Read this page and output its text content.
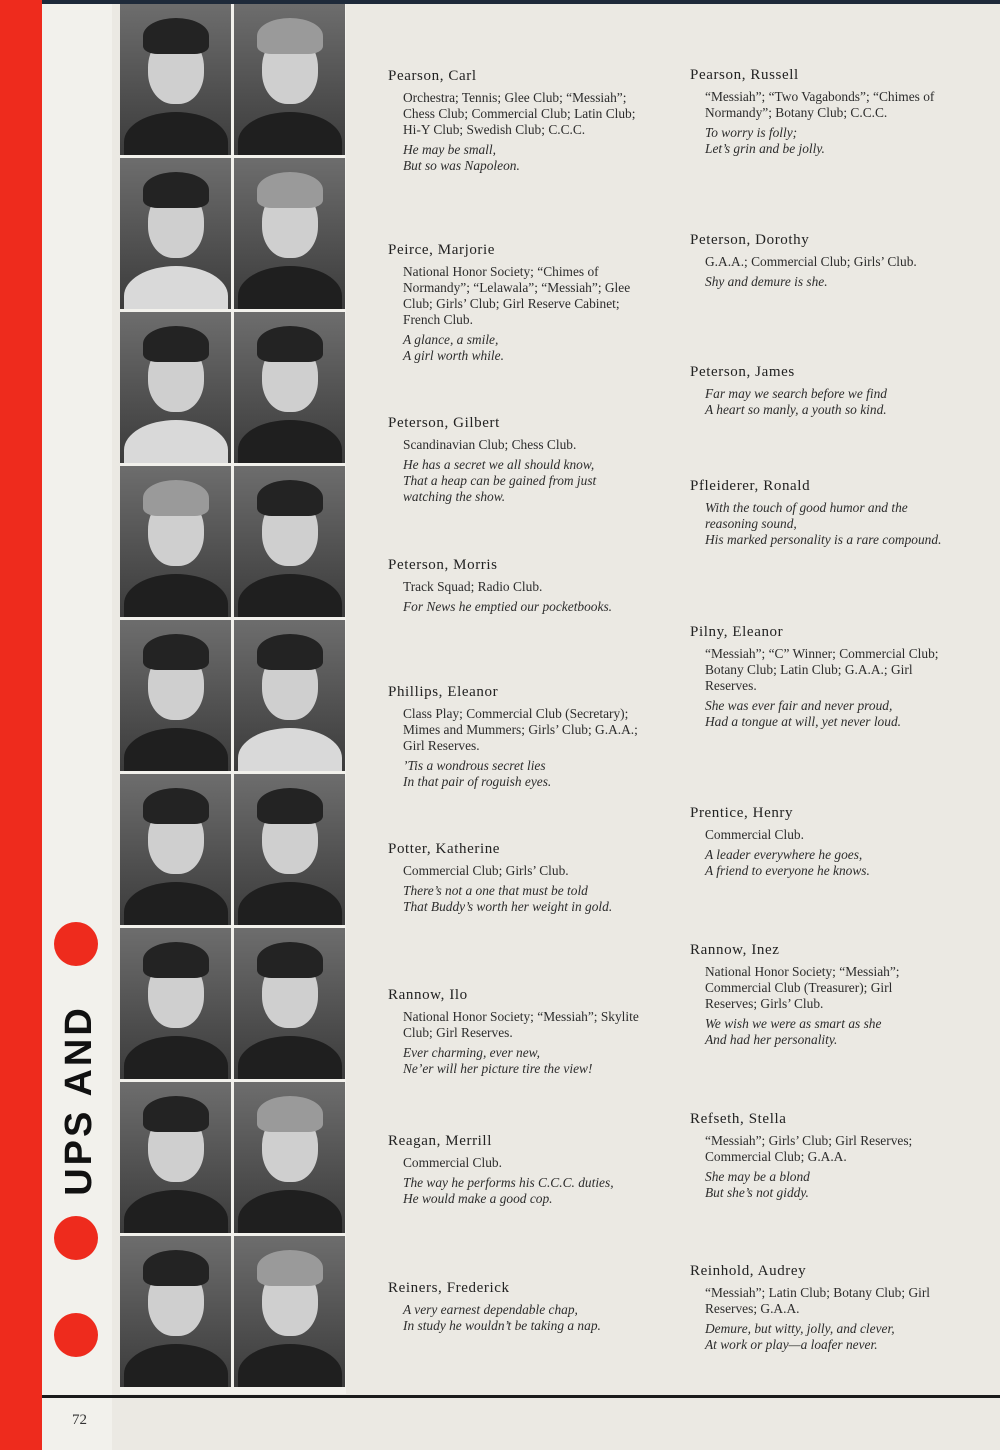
UPS AND
Pearson, Carl
Orchestra; Tennis; Glee Club; “Messiah”; Chess Club; Commercial Club; Latin Club; Hi-Y Club; Swedish Club; C.C.C.
He may be small,
But so was Napoleon.
Peirce, Marjorie
National Honor Society; “Chimes of Normandy”; “Lelawala”; “Messiah”; Glee Club; Girls’ Club; Girl Reserve Cabinet; French Club.
A glance, a smile,
A girl worth while.
Peterson, Gilbert
Scandinavian Club; Chess Club.
He has a secret we all should know,
That a heap can be gained from just watching the show.
Peterson, Morris
Track Squad; Radio Club.
For News he emptied our pocketbooks.
Phillips, Eleanor
Class Play; Commercial Club (Secretary); Mimes and Mummers; Girls’ Club; G.A.A.; Girl Reserves.
’Tis a wondrous secret lies
In that pair of roguish eyes.
Potter, Katherine
Commercial Club; Girls’ Club.
There’s not a one that must be told
That Buddy’s worth her weight in gold.
Rannow, Ilo
National Honor Society; “Messiah”; Skylite Club; Girl Reserves.
Ever charming, ever new,
Ne’er will her picture tire the view!
Reagan, Merrill
Commercial Club.
The way he performs his C.C.C. duties,
He would make a good cop.
Reiners, Frederick
A very earnest dependable chap,
In study he wouldn’t be taking a nap.
Pearson, Russell
“Messiah”; “Two Vagabonds”; “Chimes of Normandy”; Botany Club; C.C.C.
To worry is folly;
Let’s grin and be jolly.
Peterson, Dorothy
G.A.A.; Commercial Club; Girls’ Club.
Shy and demure is she.
Peterson, James
Far may we search before we find
A heart so manly, a youth so kind.
Pfleiderer, Ronald
With the touch of good humor and the reasoning sound,
His marked personality is a rare compound.
Pilny, Eleanor
“Messiah”; “C” Winner; Commercial Club; Botany Club; Latin Club; G.A.A.; Girl Reserves.
She was ever fair and never proud,
Had a tongue at will, yet never loud.
Prentice, Henry
Commercial Club.
A leader everywhere he goes,
A friend to everyone he knows.
Rannow, Inez
National Honor Society; “Messiah”; Commercial Club (Treasurer); Girl Reserves; Girls’ Club.
We wish we were as smart as she
And had her personality.
Refseth, Stella
“Messiah”; Girls’ Club; Girl Reserves; Commercial Club; G.A.A.
She may be a blond
But she’s not giddy.
Reinhold, Audrey
“Messiah”; Latin Club; Botany Club; Girl Reserves; G.A.A.
Demure, but witty, jolly, and clever,
At work or play—a loafer never.
72
